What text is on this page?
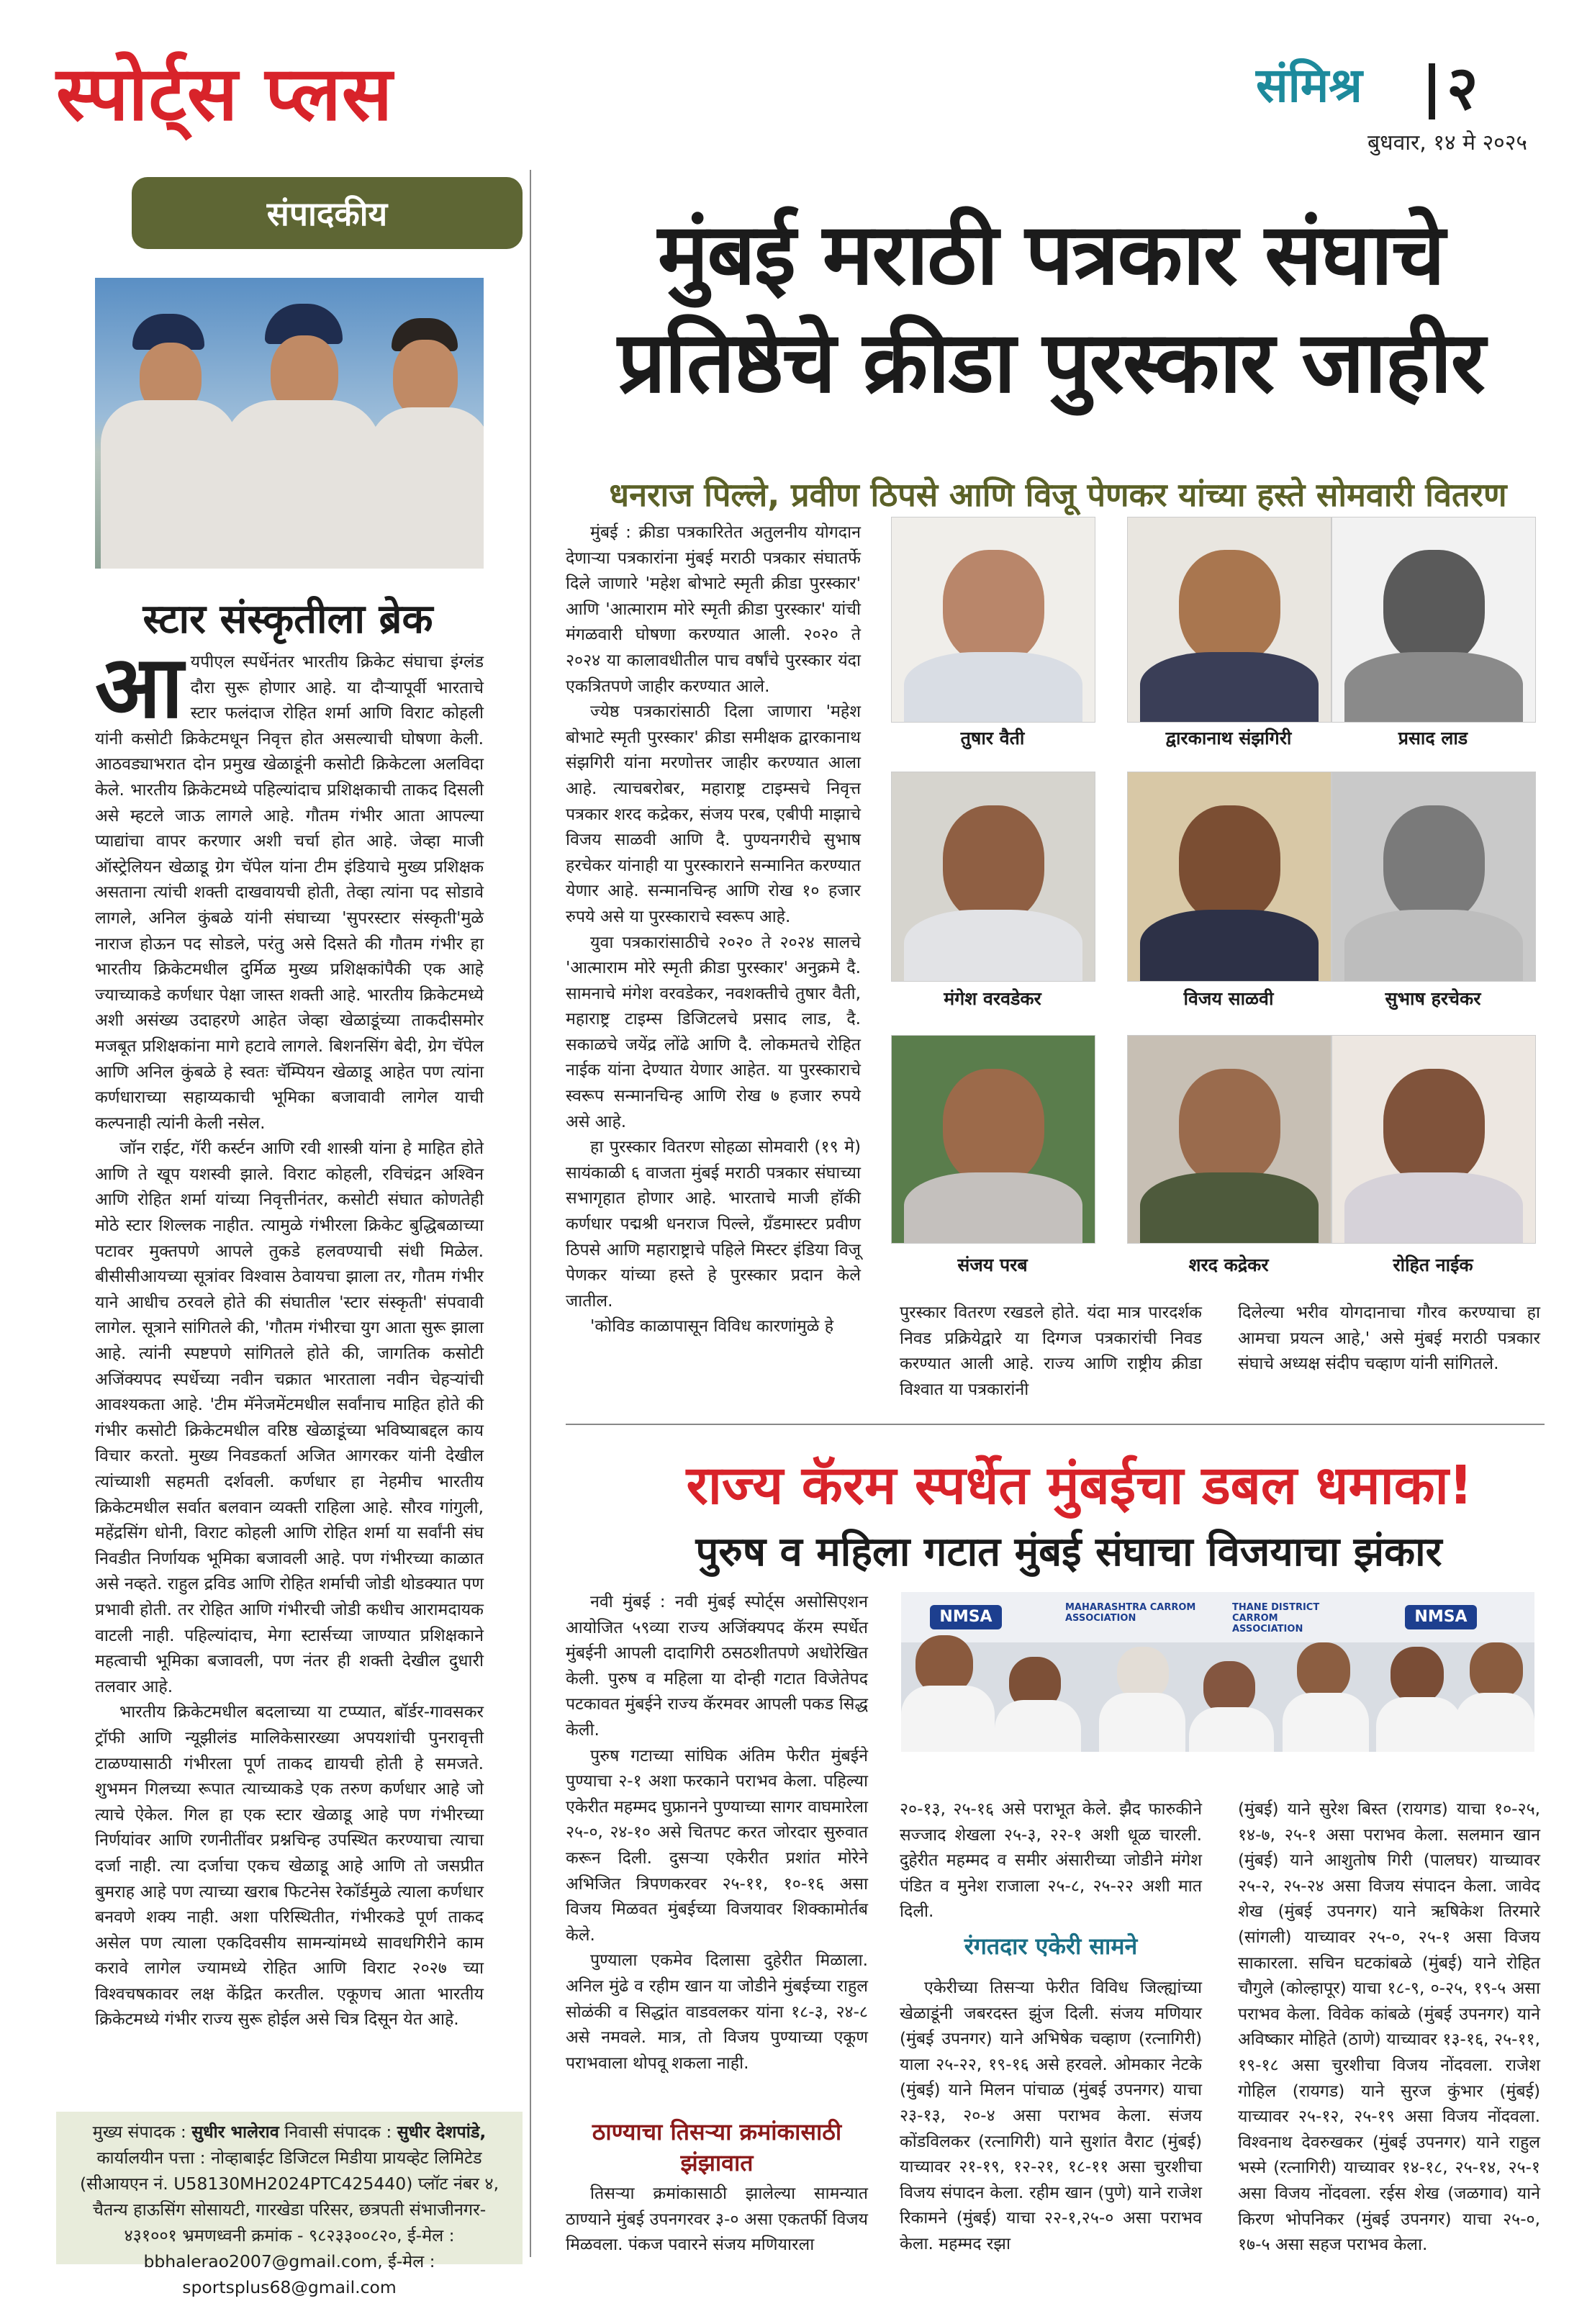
स्पोर्ट्स प्लस	संमिश्र २
बुधवार, १४ मे २०२५
संपादकीय
स्टार संस्कृतीला ब्रेक

आयपीएल स्पर्धेनंतर भारतीय क्रिकेट संघाचा इंग्लंड दौरा सुरू होणार आहे. या दौऱ्यापूर्वी भारताचे स्टार फलंदाज रोहित शर्मा आणि विराट कोहली यांनी कसोटी क्रिकेटमधून निवृत्त होत असल्याची घोषणा केली. आठवड्याभरात दोन प्रमुख खेळाडूंनी कसोटी क्रिकेटला अलविदा केले. भारतीय क्रिकेटमध्ये पहिल्यांदाच प्रशिक्षकाची ताकद दिसली असे म्हटले जाऊ लागले आहे. गौतम गंभीर आता आपल्या प्याद्यांचा वापर करणार अशी चर्चा होत आहे. जेव्हा माजी ऑस्ट्रेलियन खेळाडू ग्रेग चॅपेल यांना टीम इंडियाचे मुख्य प्रशिक्षक असताना त्यांची शक्ती दाखवायची होती, तेव्हा त्यांना पद सोडावे लागले, अनिल कुंबळे यांनी संघाच्या 'सुपरस्टार संस्कृती'मुळे नाराज होऊन पद सोडले, परंतु असे दिसते की गौतम गंभीर हा भारतीय क्रिकेटमधील दुर्मिळ मुख्य प्रशिक्षकांपैकी एक आहे ज्याच्याकडे कर्णधार पेक्षा जास्त शक्ती आहे. भारतीय क्रिकेटमध्ये अशी असंख्य उदाहरणे आहेत जेव्हा खेळाडूंच्या ताकदीसमोर मजबूत प्रशिक्षकांना मागे हटावे लागले. बिशनसिंग बेदी, ग्रेग चॅपेल आणि अनिल कुंबळे हे स्वतः चॅम्पियन खेळाडू आहेत पण त्यांना कर्णधाराच्या सहाय्यकाची भूमिका बजावावी लागेल याची कल्पनाही त्यांनी केली नसेल.

जॉन राईट, गॅरी कर्स्टन आणि रवी शास्त्री यांना हे माहित होते आणि ते खूप यशस्वी झाले. विराट कोहली, रविचंद्रन अश्विन आणि रोहित शर्मा यांच्या निवृत्तीनंतर, कसोटी संघात कोणतेही मोठे स्टार शिल्लक नाहीत. त्यामुळे गंभीरला क्रिकेट बुद्धिबळाच्या पटावर मुक्तपणे आपले तुकडे हलवण्याची संधी मिळेल. बीसीसीआयच्या सूत्रांवर विश्वास ठेवायचा झाला तर, गौतम गंभीर याने आधीच ठरवले होते की संघातील 'स्टार संस्कृती' संपवावी लागेल. सूत्राने सांगितले की, 'गौतम गंभीरचा युग आता सुरू झाला आहे. त्यांनी स्पष्टपणे सांगितले होते की, जागतिक कसोटी अजिंक्यपद स्पर्धेच्या नवीन चक्रात भारताला नवीन चेहऱ्यांची आवश्यकता आहे. 'टीम मॅनेजमेंटमधील सर्वांनाच माहित होते की गंभीर कसोटी क्रिकेटमधील वरिष्ठ खेळाडूंच्या भविष्याबद्दल काय विचार करतो. मुख्य निवडकर्ता अजित आगरकर यांनी देखील त्यांच्याशी सहमती दर्शवली. कर्णधार हा नेहमीच भारतीय क्रिकेटमधील सर्वात बलवान व्यक्ती राहिला आहे. सौरव गांगुली, महेंद्रसिंग धोनी, विराट कोहली आणि रोहित शर्मा या सर्वांनी संघ निवडीत निर्णायक भूमिका बजावली आहे. पण गंभीरच्या काळात असे नव्हते. राहुल द्रविड आणि रोहित शर्माची जोडी थोडक्यात पण प्रभावी होती. तर रोहित आणि गंभीरची जोडी कधीच आरामदायक वाटली नाही. पहिल्यांदाच, मेगा स्टार्सच्या जाण्यात प्रशिक्षकाने महत्वाची भूमिका बजावली, पण नंतर ही शक्ती देखील दुधारी तलवार आहे.

भारतीय क्रिकेटमधील बदलाच्या या टप्प्यात, बॉर्डर-गावसकर ट्रॉफी आणि न्यूझीलंड मालिकेसारख्या अपयशांची पुनरावृत्ती टाळण्यासाठी गंभीरला पूर्ण ताकद द्यायची होती हे समजते. शुभमन गिलच्या रूपात त्याच्याकडे एक तरुण कर्णधार आहे जो त्याचे ऐकेल. गिल हा एक स्टार खेळाडू आहे पण गंभीरच्या निर्णयांवर आणि रणनीतींवर प्रश्नचिन्ह उपस्थित करण्याचा त्याचा दर्जा नाही. त्या दर्जाचा एकच खेळाडू आहे आणि तो जसप्रीत बुमराह आहे पण त्याच्या खराब फिटनेस रेकॉर्डमुळे त्याला कर्णधार बनवणे शक्य नाही. अशा परिस्थितीत, गंभीरकडे पूर्ण ताकद असेल पण त्याला एकदिवसीय सामन्यांमध्ये सावधगिरीने काम करावे लागेल ज्यामध्ये रोहित आणि विराट २०२७ च्या विश्वचषकावर लक्ष केंद्रित करतील. एकूणच आता भारतीय क्रिकेटमध्ये गंभीर राज्य सुरू होईल असे चित्र दिसून येत आहे.

मुख्य संपादक : सुधीर भालेराव निवासी संपादक : सुधीर देशपांडे,
कार्यालयीन पत्ता : नोव्हाबाईट डिजिटल मिडीया प्रायव्हेट लिमिटेड (सीआयएन नं. U58130MH2024PTC425440) प्लॉट नंबर ४, चैतन्य हाऊसिंग सोसायटी, गारखेडा परिसर, छत्रपती संभाजीनगर- ४३१००१ भ्रमणध्वनी क्रमांक - ९८२३३००८२०, ई-मेल : bbhalerao2007@gmail.com, ई-मेल : sportsplus68@gmail.com
मुंबई मराठी पत्रकार संघाचे
प्रतिष्ठेचे क्रीडा पुरस्कार जाहीर
धनराज पिल्ले, प्रवीण ठिपसे आणि विजू पेणकर यांच्या हस्ते सोमवारी वितरण

मुंबई : क्रीडा पत्रकारितेत अतुलनीय योगदान देणाऱ्या पत्रकारांना मुंबई मराठी पत्रकार संघातर्फे दिले जाणारे 'महेश बोभाटे स्मृती क्रीडा पुरस्कार' आणि 'आत्माराम मोरे स्मृती क्रीडा पुरस्कार' यांची मंगळवारी घोषणा करण्यात आली. २०२० ते २०२४ या कालावधीतील पाच वर्षांचे पुरस्कार यंदा एकत्रितपणे जाहीर करण्यात आले.

ज्येष्ठ पत्रकारांसाठी दिला जाणारा 'महेश बोभाटे स्मृती पुरस्कार' क्रीडा समीक्षक द्वारकानाथ संझगिरी यांना मरणोत्तर जाहीर करण्यात आला आहे. त्याचबरोबर, महाराष्ट्र टाइम्सचे निवृत्त पत्रकार शरद कद्रेकर, संजय परब, एबीपी माझाचे विजय साळवी आणि दै. पुण्यनगरीचे सुभाष हरचेकर यांनाही या पुरस्काराने सन्मानित करण्यात येणार आहे. सन्मानचिन्ह आणि रोख १० हजार रुपये असे या पुरस्काराचे स्वरूप आहे.

युवा पत्रकारांसाठीचे २०२० ते २०२४ सालचे 'आत्माराम मोरे स्मृती क्रीडा पुरस्कार' अनुक्रमे दै. सामनाचे मंगेश वरवडेकर, नवशक्तीचे तुषार वैती, महाराष्ट्र टाइम्स डिजिटलचे प्रसाद लाड, दै. सकाळचे जयेंद्र लोंढे आणि दै. लोकमतचे रोहित नाईक यांना देण्यात येणार आहेत. या पुरस्काराचे स्वरूप सन्मानचिन्ह आणि रोख ७ हजार रुपये असे आहे.

हा पुरस्कार वितरण सोहळा सोमवारी (१९ मे) सायंकाळी ६ वाजता मुंबई मराठी पत्रकार संघाच्या सभागृहात होणार आहे. भारताचे माजी हॉकी कर्णधार पद्मश्री धनराज पिल्ले, ग्रँडमास्टर प्रवीण ठिपसे आणि महाराष्ट्राचे पहिले मिस्टर इंडिया विजू पेणकर यांच्या हस्ते हे पुरस्कार प्रदान केले जातील.

'कोविड काळापासून विविध कारणांमुळे हे

तुषार वैती	द्वारकानाथ संझगिरी	प्रसाद लाड
मंगेश वरवडेकर	विजय साळवी	सुभाष हरचेकर
संजय परब	शरद कद्रेकर	रोहित नाईक
पुरस्कार वितरण रखडले होते. यंदा मात्र पारदर्शक निवड प्रक्रियेद्वारे या दिग्गज पत्रकारांची निवड करण्यात आली आहे. राज्य आणि राष्ट्रीय क्रीडा विश्वात या पत्रकारांनी
दिलेल्या भरीव योगदानाचा गौरव करण्याचा हा आमचा प्रयत्न आहे,' असे मुंबई मराठी पत्रकार संघाचे अध्यक्ष संदीप चव्हाण यांनी सांगितले.
राज्य कॅरम स्पर्धेत मुंबईचा डबल धमाका!
पुरुष व महिला गटात मुंबई संघाचा विजयाचा झंकार

नवी मुंबई : नवी मुंबई स्पोर्ट्स असोसिएशन आयोजित ५९व्या राज्य अजिंक्यपद कॅरम स्पर्धेत मुंबईनी आपली दादागिरी ठसठशीतपणे अधोरेखित केली. पुरुष व महिला या दोन्ही गटात विजेतेपद पटकावत मुंबईने राज्य कॅरमवर आपली पकड सिद्ध केली.

पुरुष गटाच्या सांघिक अंतिम फेरीत मुंबईने पुण्याचा २-१ अशा फरकाने पराभव केला. पहिल्या एकेरीत महम्मद घुफ्रानने पुण्याच्या सागर वाघमारेला २५-०, २४-१० असे चितपट करत जोरदार सुरुवात करून दिली. दुसऱ्या एकेरीत प्रशांत मोरेने अभिजित त्रिपणकरवर २५-११, १०-१६ असा विजय मिळवत मुंबईच्या विजयावर शिक्कामोर्तब केले.

पुण्याला एकमेव दिलासा दुहेरीत मिळाला. अनिल मुंढे व रहीम खान या जोडीने मुंबईच्या राहुल सोळंकी व सिद्धांत वाडवलकर यांना १८-३, २४-८ असे नमवले. मात्र, तो विजय पुण्याच्या एकूण पराभवाला थोपवू शकला नाही.

ठाण्याचा तिसऱ्या क्रमांकासाठी झंझावात
तिसऱ्या क्रमांकासाठी झालेल्या सामन्यात ठाण्याने मुंबई उपनगरवर ३-० असा एकतर्फी विजय मिळवला. पंकज पवारने संजय मणियारला
NMSA
MAHARASHTRA CARROM ASSOCIATION
THANE DISTRICT CARROM ASSOCIATION
NMSA
२०-१३, २५-१६ असे पराभूत केले. झैद फारुकीने सज्जाद शेखला २५-३, २२-१ अशी धूळ चारली. दुहेरीत महम्मद व समीर अंसारीच्या जोडीने मंगेश पंडित व मुनेश राजाला २५-८, २५-२२ अशी मात दिली.
रंगतदार एकेरी सामने
एकेरीच्या तिसऱ्या फेरीत विविध जिल्ह्यांच्या खेळाडूंनी जबरदस्त झुंज दिली. संजय मणियार (मुंबई उपनगर) याने अभिषेक चव्हाण (रत्नागिरी) याला २५-२२, १९-१६ असे हरवले. ओमकार नेटके (मुंबई) याने मिलन पांचाळ (मुंबई उपनगर) याचा २३-१३, २०-४ असा पराभव केला. संजय कोंडविलकर (रत्नागिरी) याने सुशांत वैराट (मुंबई) याच्यावर २१-१९, १२-२१, १८-११ असा चुरशीचा विजय संपादन केला. रहीम खान (पुणे) याने राजेश रिकामने (मुंबई) याचा २२-१,२५-० असा पराभव केला. महम्मद रझा
(मुंबई) याने सुरेश बिस्त (रायगड) याचा १०-२५, १४-७, २५-१ असा पराभव केला. सलमान खान (मुंबई) याने आशुतोष गिरी (पालघर) याच्यावर २५-२, २५-२४ असा विजय संपादन केला. जावेद शेख (मुंबई उपनगर) याने ऋषिकेश तिरमारे (सांगली) याच्यावर २५-०, २५-१ असा विजय साकारला. सचिन घटकांबळे (मुंबई) याने रोहित चौगुले (कोल्हापूर) याचा १८-९, ०-२५, १९-५ असा पराभव केला. विवेक कांबळे (मुंबई उपनगर) याने अविष्कार मोहिते (ठाणे) याच्यावर १३-१६, २५-११, १९-१८ असा चुरशीचा विजय नोंदवला. राजेश गोहिल (रायगड) याने सुरज कुंभार (मुंबई) याच्यावर २५-१२, २५-१९ असा विजय नोंदवला. विश्वनाथ देवरुखकर (मुंबई उपनगर) याने राहुल भस्मे (रत्नागिरी) याच्यावर १४-१८, २५-१४, २५-१ असा विजय नोंदवला. रईस शेख (जळगाव) याने किरण भोपनिकर (मुंबई उपनगर) याचा २५-०, १७-५ असा सहज पराभव केला.
